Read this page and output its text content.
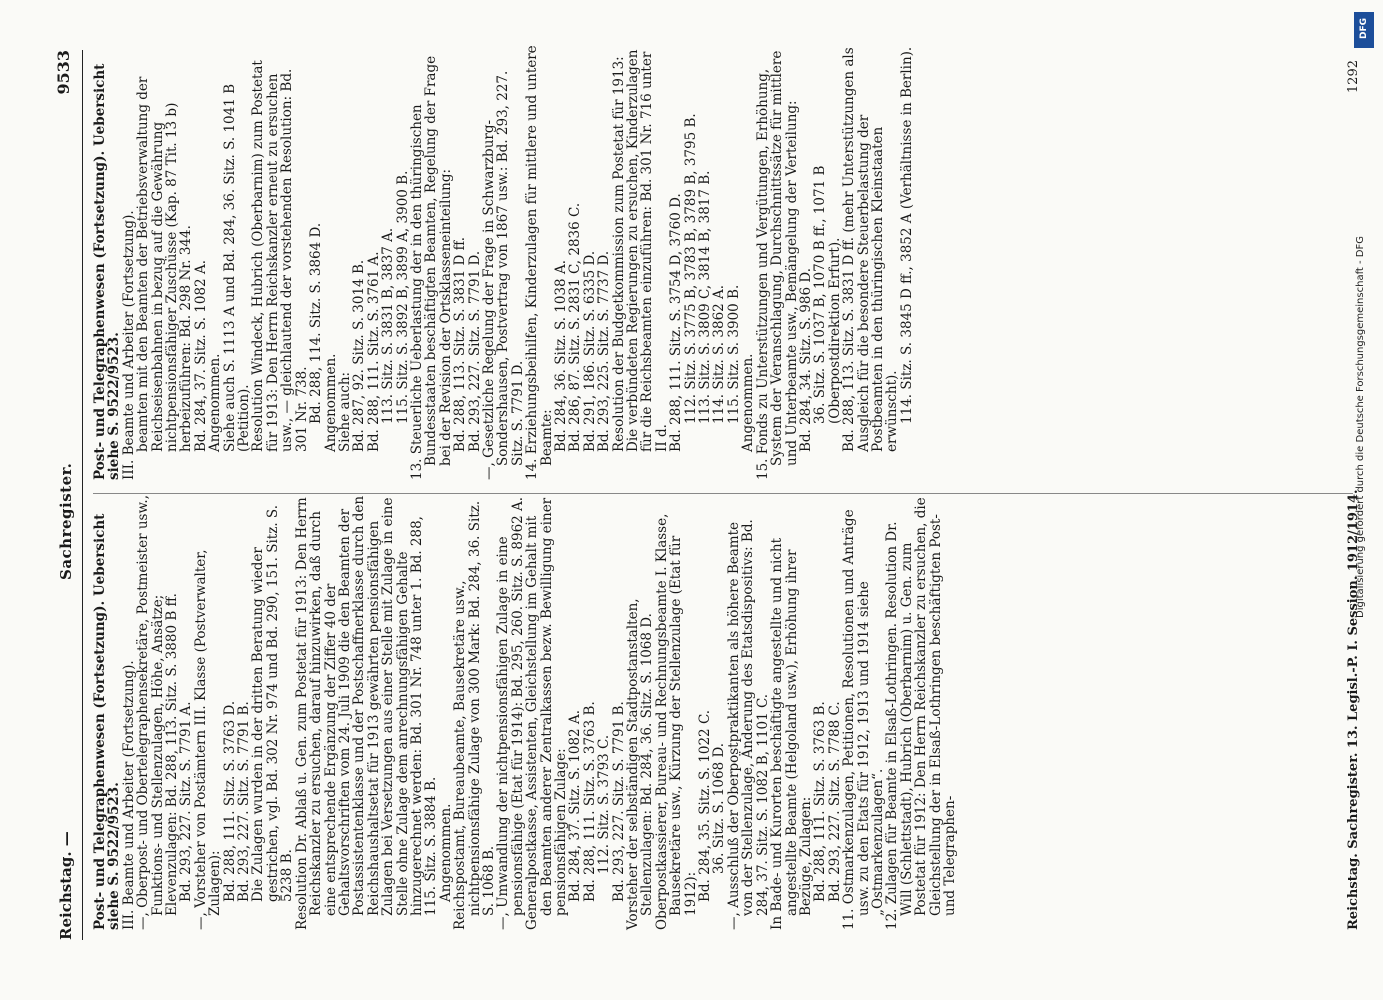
Reichstag. —
Sachregister.
9533

Post- und Telegraphenwesen (Fortsetzung). Uebersicht siehe S. 9522/9523.

III. Beamte und Arbeiter (Fortsetzung).

—, Oberpost- und Obertelegraphensekretäre, Postmeister usw., Funktions- und Stellenzulagen, Höhe, Ansätze; Elevenzulagen: Bd. 288, 113. Sitz. S. 3880 B ff.

Bd. 293, 227. Sitz. S. 7791 A.

—, Vorsteher von Postämtern III. Klasse (Postverwalter, Zulagen):

Bd. 288, 111. Sitz. S. 3763 D.

Bd. 293, 227. Sitz. S. 7791 B.

Die Zulagen wurden in der dritten Beratung wieder gestrichen, vgl. Bd. 302 Nr. 974 und Bd. 290, 151. Sitz. S. 5238 B.

Resolution Dr. Ablaß u. Gen. zum Postetat für 1913: Den Herrn Reichskanzler zu ersuchen, darauf hinzuwirken, daß durch eine entsprechende Ergänzung der Ziffer 40 der Gehaltsvorschriften vom 24. Juli 1909 die den Beamten der Postassistentenklasse und der Postschaffnerklasse durch den Reichshaushaltsetat für 1913 gewährten pensionsfähigen Zulagen bei Versetzungen aus einer Stelle mit Zulage in eine Stelle ohne Zulage dem anrechnungsfähigen Gehalte hinzugerechnet werden: Bd. 301 Nr. 748 unter 1. Bd. 288, 115. Sitz. S. 3884 B.

Angenommen.

Reichspostamt, Bureaubeamte, Bausekretäre usw., nichtpensionsfähige Zulage von 300 Mark: Bd. 284, 36. Sitz. S. 1068 B.

—, Umwandlung der nichtpensionsfähigen Zulage in eine pensionsfähige (Etat für 1914): Bd. 295, 260. Sitz. S. 8962 A.

Generalpostkasse, Assistenten, Gleichstellung im Gehalt mit den Beamten anderer Zentralkassen bezw. Bewilligung einer pensionsfähigen Zulage:

Bd. 284, 37. Sitz. S. 1082 A.

Bd. 288, 111. Sitz. S. 3763 B.

112. Sitz. S. 3793 C.

Bd. 293, 227. Sitz. S. 7791 B.

Vorsteher der selbständigen Stadtpostanstalten, Stellenzulagen: Bd. 284, 36. Sitz. S. 1068 D.

Oberpostkassierer, Bureau- und Rechnungsbeamte I. Klasse, Bausekretäre usw., Kürzung der Stellenzulage (Etat für 1912):

Bd. 284, 35. Sitz. S. 1022 C.

36. Sitz. S. 1068 D.

—, Ausschluß der Oberpostpraktikanten als höhere Beamte von der Stellenzulage, Änderung des Etatsdispositivs: Bd. 284, 37. Sitz. S. 1082 B, 1101 C.

In Bade- und Kurorten beschäftigte angestellte und nicht angestellte Beamte (Helgoland usw.), Erhöhung ihrer Bezüge, Zulagen:

Bd. 288, 111. Sitz. S. 3763 B.

Bd. 293, 227. Sitz. S. 7788 C.

11. Ostmarkenzulagen, Petitionen, Resolutionen und Anträge usw. zu den Etats für 1912, 1913 und 1914 siehe „Ostmarkenzulagen“.

12. Zulagen für Beamte in Elsaß-Lothringen. Resolution Dr. Will (Schlettstadt), Hubrich (Oberbarnim) u. Gen. zum Postetat für 1912: Den Herrn Reichskanzler zu ersuchen, die Gleichstellung der in Elsaß-Lothringen beschäftigten Post- und Telegraphen-

Post- und Telegraphenwesen (Fortsetzung). Uebersicht siehe S. 9522/9523.

III. Beamte und Arbeiter (Fortsetzung).

beamten mit den Beamten der Betriebsverwaltung der Reichseisenbahnen in bezug auf die Gewährung nichtpensionsfähiger Zuschüsse (Kap. 87 Tit. 13 b) herbeizuführen: Bd. 298 Nr. 344.

Bd. 284, 37. Sitz. S. 1082 A.

Angenommen.

Siehe auch S. 1113 A und Bd. 284, 36. Sitz. S. 1041 B (Petition).

Resolution Windeck, Hubrich (Oberbarnim) zum Postetat für 1913: Den Herrn Reichskanzler erneut zu ersuchen usw., — gleichlautend der vorstehenden Resolution: Bd. 301 Nr. 738.

Bd. 288, 114. Sitz. S. 3864 D.

Angenommen.

Siehe auch:

Bd. 287, 92. Sitz. S. 3014 B.

Bd. 288, 111. Sitz. S. 3761 A.

113. Sitz. S. 3831 B, 3837 A.

115. Sitz. S. 3892 B, 3899 A, 3900 B.

13. Steuerliche Ueberlastung der in den thüringischen Bundesstaaten beschäftigten Beamten, Regelung der Frage bei der Revision der Ortsklasseneinteilung:

Bd. 288, 113. Sitz. S. 3831 D ff.

Bd. 293, 227. Sitz. S. 7791 D.

—, Gesetzliche Regelung der Frage in Schwarzburg-Sondershausen, Postvertrag von 1867 usw.: Bd. 293, 227. Sitz. S. 7791 D.

14. Erziehungsbeihilfen, Kinderzulagen für mittlere und untere Beamte:

Bd. 284, 36. Sitz. S. 1038 A.

Bd. 286, 87. Sitz. S. 2831 C, 2836 C.

Bd. 291, 186. Sitz. S. 6335 D.

Bd. 293, 225. Sitz. S. 7737 D.

Resolution der Budgetkommission zum Postetat für 1913: Die verbündeten Regierungen zu ersuchen, Kinderzulagen für die Reichsbeamten einzuführen: Bd. 301 Nr. 716 unter II d.

Bd. 288, 111. Sitz. S. 3754 D, 3760 D.

112. Sitz. S. 3775 B, 3783 B, 3789 B, 3795 B.

113. Sitz. S. 3809 C, 3814 B, 3817 B.

114. Sitz. S. 3862 A.

115. Sitz. S. 3900 B.

Angenommen.

15. Fonds zu Unterstützungen und Vergütungen, Erhöhung, System der Veranschlagung, Durchschnittssätze für mittlere und Unterbeamte usw., Bemängelung der Verteilung:

Bd. 284, 34. Sitz. S. 986 D.

36. Sitz. S. 1037 B, 1070 B ff., 1071 B (Oberpostdirektion Erfurt).

Bd. 288, 113. Sitz. S. 3831 D ff. (mehr Unterstützungen als Ausgleich für die besondere Steuerbelastung der Postbeamten in den thüringischen Kleinstaaten erwünscht).

114. Sitz. S. 3845 D ff., 3852 A (Verhältnisse in Berlin).

Reichstag. Sachregister. 13. Legisl.-P. I. Session. 1912/1914.
1292
DFG
Digitalisierung gefördert durch die Deutsche Forschungsgemeinschaft - DFG
